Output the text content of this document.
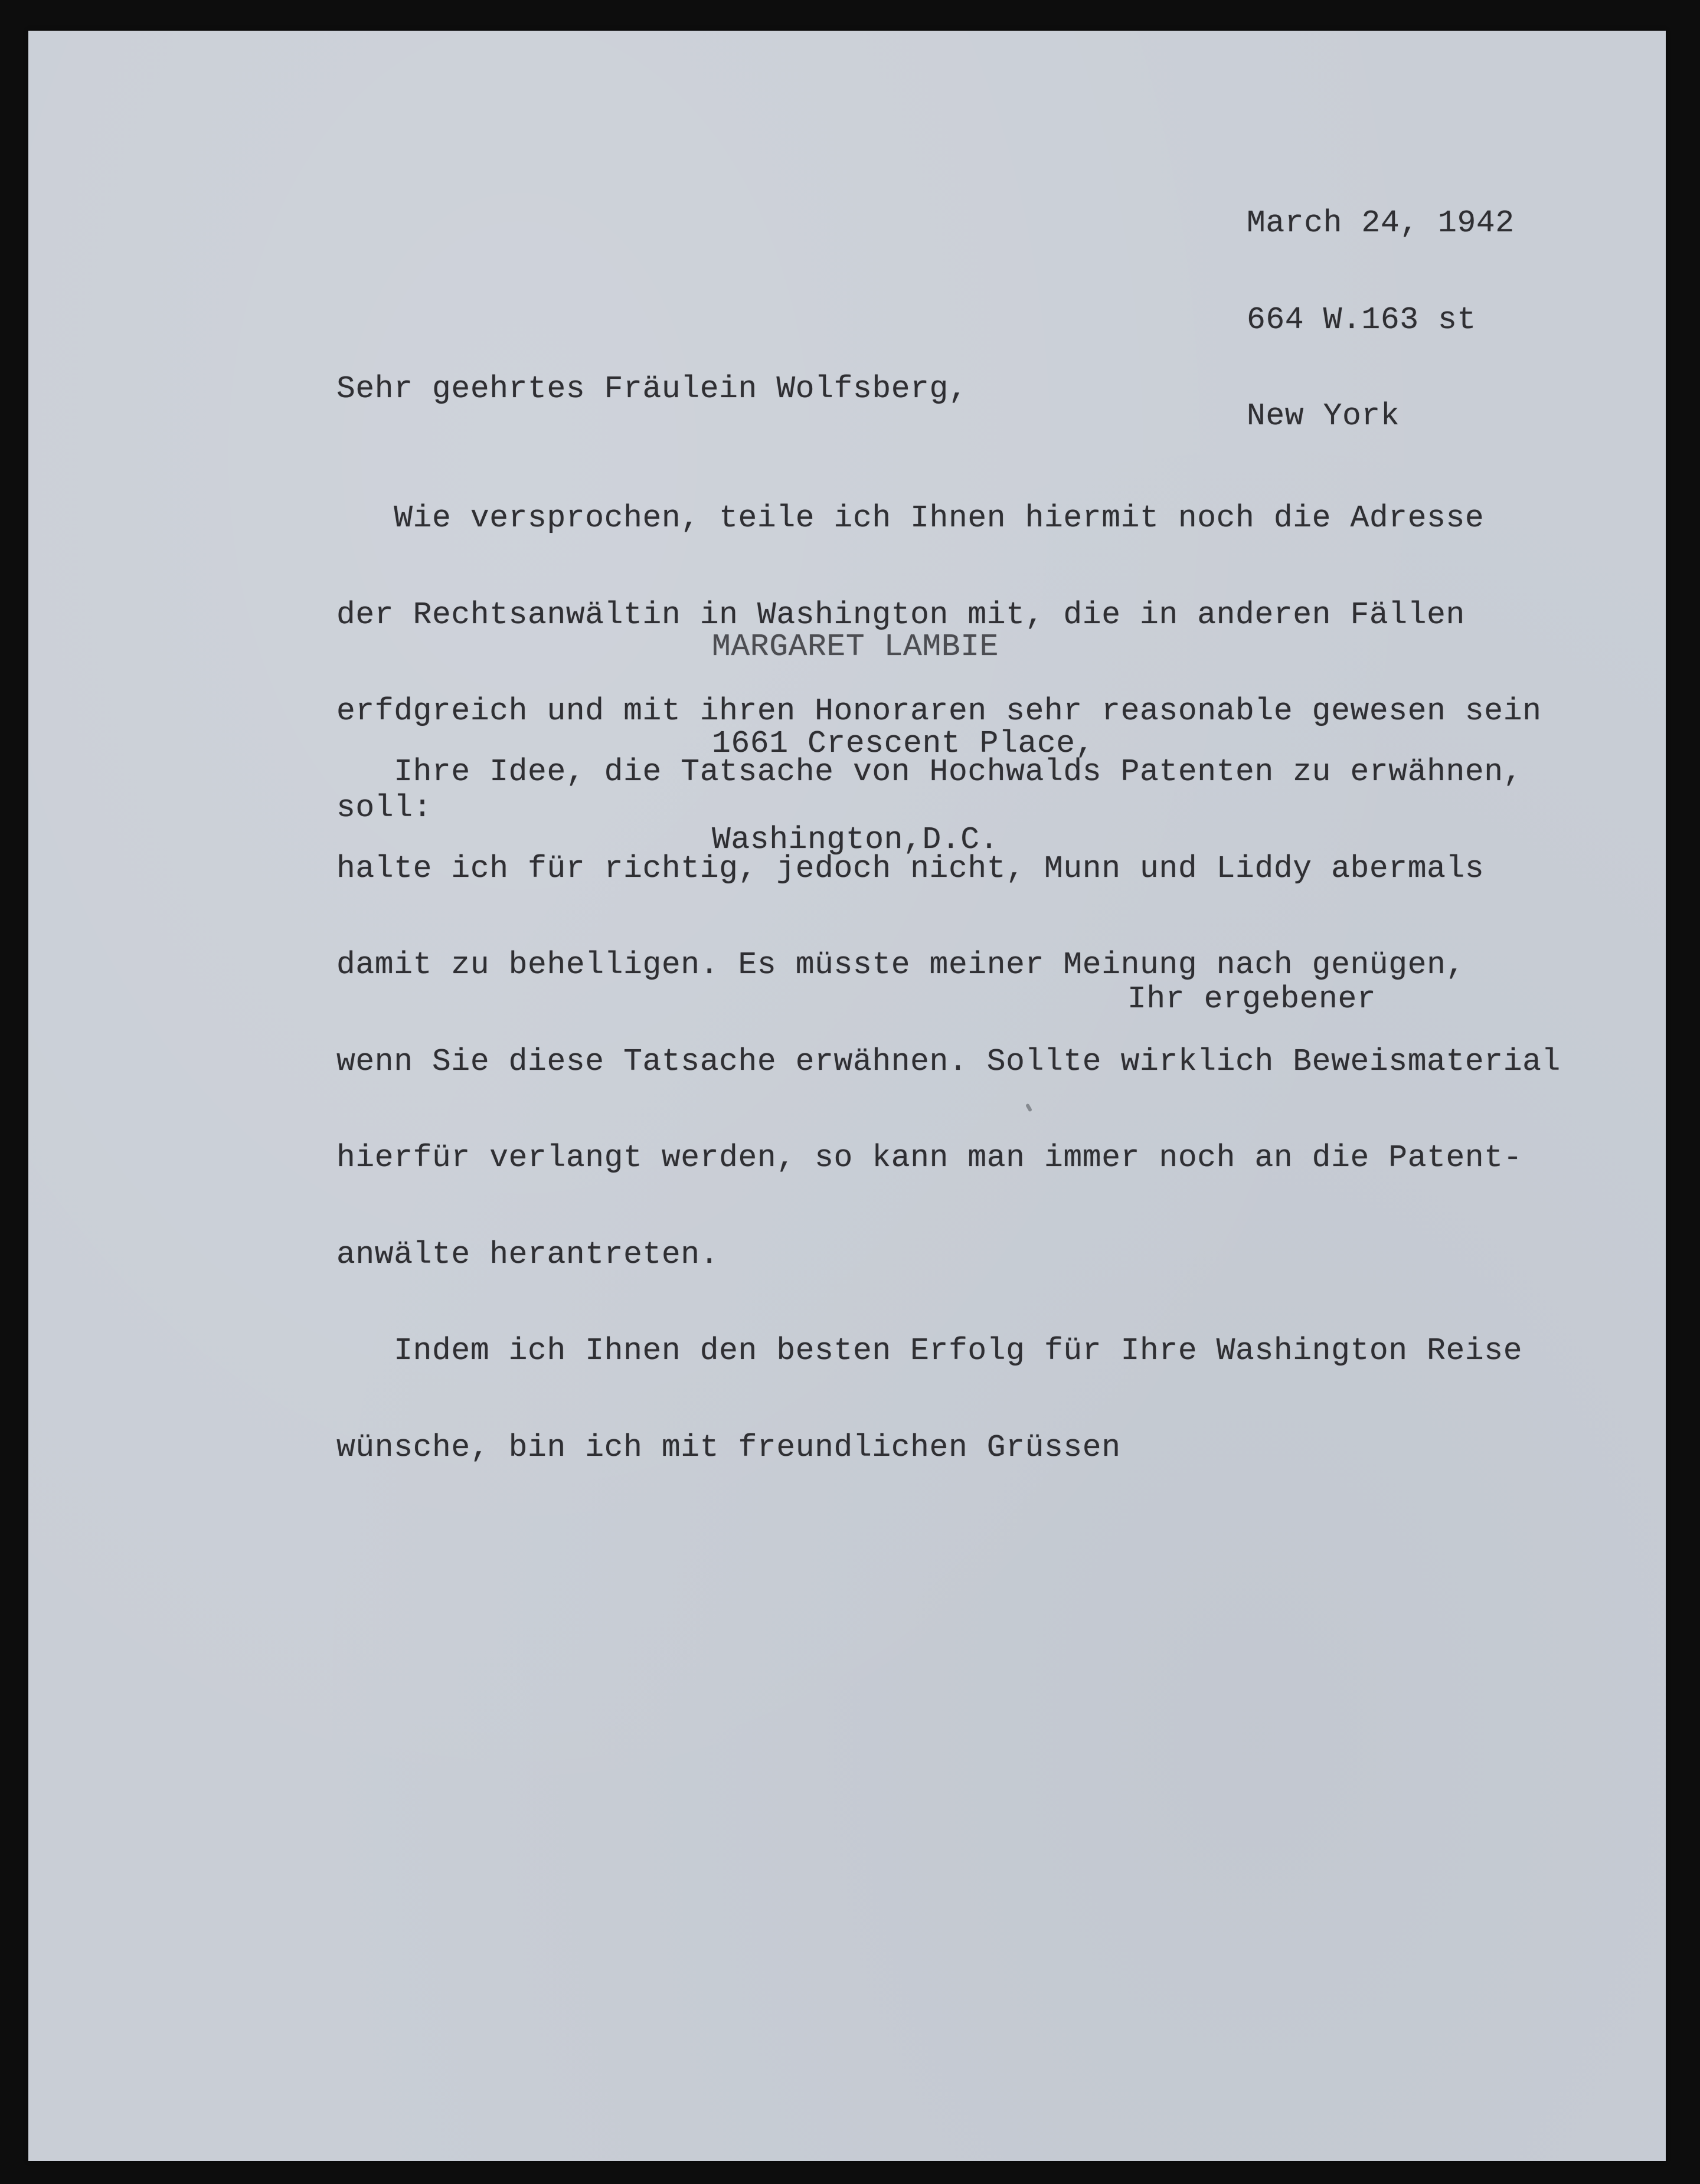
March 24, 1942

664 W.163 st

New York

Sehr geehrtes Fräulein Wolfsberg,

Wie versprochen, teile ich Ihnen hiermit noch die Adresse

der Rechtsanwältin in Washington mit, die in anderen Fällen

erfdgreich und mit ihren Honoraren sehr reasonable gewesen sein

soll:

MARGARET LAMBIE

1661 Crescent Place,

Washington,D.C.

Ihre Idee, die Tatsache von Hochwalds Patenten zu erwähnen,

halte ich für richtig, jedoch nicht, Munn und Liddy abermals

damit zu behelligen. Es müsste meiner Meinung nach genügen,

wenn Sie diese Tatsache erwähnen. Sollte wirklich Beweismaterial

hierfür verlangt werden, so kann man immer noch an die Patent-

anwälte herantreten.

Indem ich Ihnen den besten Erfolg für Ihre Washington Reise

wünsche, bin ich mit freundlichen Grüssen

Ihr ergebener
